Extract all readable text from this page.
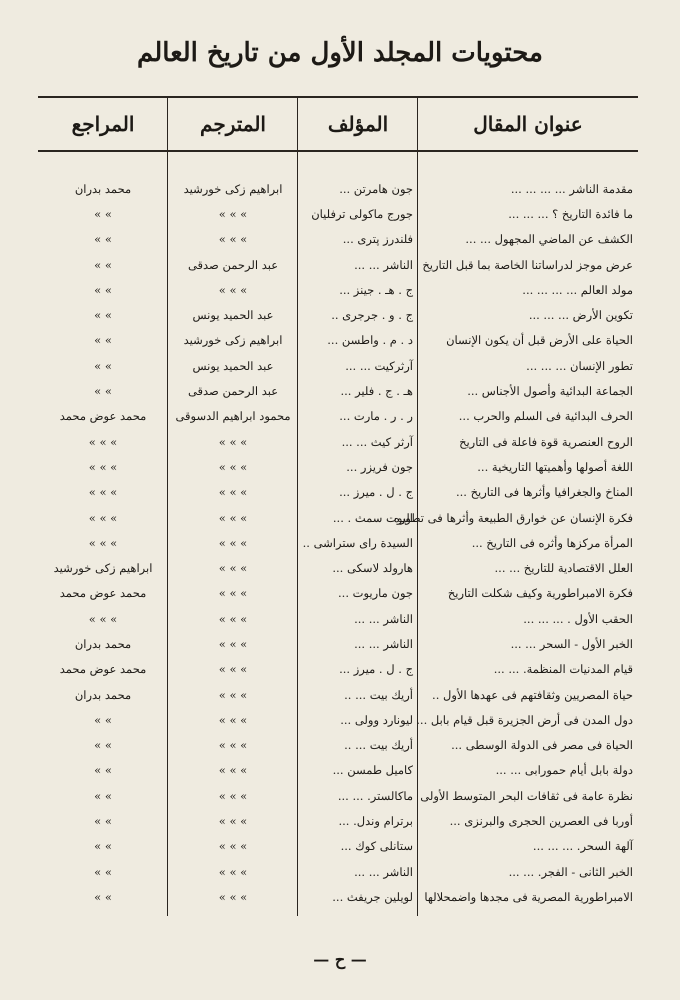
محتويات المجلد الأول من تاريخ العالم
عنوان المقال
المؤلف
المترجم
المراجع
مقدمة الناشر ... ... ... ...
جون هامرتن ...
ابراهيم زكى خورشيد
محمد بدران
ما فائدة التاريخ ؟ ... ... ...
جورج ماكولى ترفليان
» » »
» »
الكشف عن الماضي المجهول ... ...
فلندرز پترى ...
» » »
» »
عرض موجز لدراساتنا الخاصة بما قبل التاريخ
الناشر ... ...
عبد الرحمن صدقى
» »
مولد العالم ... ... ... ...
ج . هـ . جينز ...
» » »
» »
تكوين الأرض ... ... ...
ج . و . جرجرى ..
عبد الحميد يونس
» »
الحياة على الأرض قبل أن يكون الإنسان
د . م . واطسن ...
ابراهيم زكى خورشيد
» »
تطور الإنسان ... ... ...
آرثركيت ... ...
عبد الحميد يونس
» »
الجماعة البدائية وأصول الأجناس ...
هـ . ج . فلير ...
عبد الرحمن صدقى
» »
الحرف البدائية فى السلم والحرب ...
ر . ر . مارت ...
محمود ابراهيم الدسوقى
محمد عوض محمد
الروح العنصرية قوة فاعلة فى التاريخ
آرثر كيث ... ...
» » »
» » »
اللغة أصولها وأهميتها التاريخية ...
جون فريزر ...
» » »
» » »
المناخ والجغرافيا وأثرها فى التاريخ ...
ج . ل . ميرز ...
» » »
» » »
فكرة الإنسان عن خوارق الطبيعة وأثرها فى تطوره
اليوت سمث . ...
» » »
» » »
المرأة مركزها وأثره فى التاريخ ...
السيدة راى ستراشى ..
» » »
» » »
العلل الاقتصادية للتاريخ ... ...
هارولد لاسكى ...
» » »
ابراهيم زكى خورشيد
فكرة الامبراطورية وكيف شكلت التاريخ
جون ماريوت ...
» » »
محمد عوض محمد
الحقب الأول . ... ... ...
الناشر ... ...
» » »
» » »
الخبر الأول - السحر ... ...
الناشر ... ...
» » »
محمد بدران
قيام المدنيات المنظمة. ... ...
ج . ل . ميرز ...
» » »
محمد عوض محمد
حياة المصريين وثقافتهم فى عهدها الأول ..
أريك بيت ... ..
» » »
محمد بدران
دول المدن فى أرض الجزيرة قبل قيام بابل ...
ليونارد وولى ...
» » »
» »
الحياة فى مصر فى الدولة الوسطى ...
أريك بيت ... ..
» » »
» »
دولة بابل أيام حمورابى ... ...
كاميل طمسن ...
» » »
» »
نظرة عامة فى ثقافات البحر المتوسط الأولى
ماكالستر. ... ...
» » »
» »
أوربا فى العصرين الحجرى والبرنزى ...
برترام وندل. ...
» » »
» »
آلهة السحر. ... ... ...
ستانلى كوك ...
» » »
» »
الخبر الثانى - الفجر. ... ...
الناشر ... ...
» » »
» »
الامبراطورية المصرية فى مجدها واضمحلالها
لويلين جريفث ...
» » »
» »
— ح —
